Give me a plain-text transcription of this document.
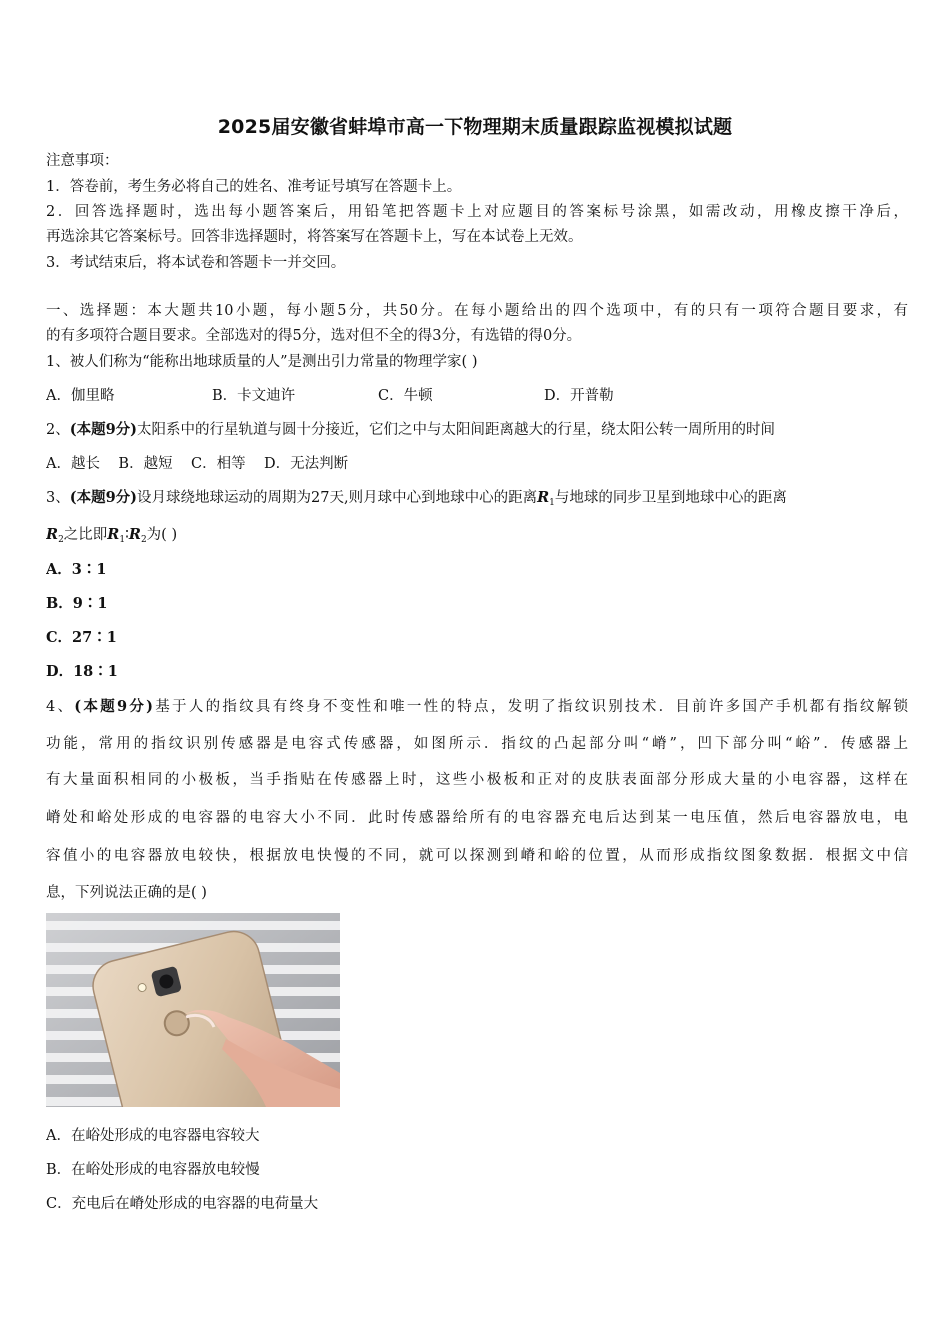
2025届安徽省蚌埠市高一下物理期末质量跟踪监视模拟试题
注意事项：
1．答卷前，考生务必将自己的姓名、准考证号填写在答题卡上。
2．回答选择题时，选出每小题答案后，用铅笔把答题卡上对应题目的答案标号涂黑，如需改动，用橡皮擦干净后，
再选涂其它答案标号。回答非选择题时，将答案写在答题卡上，写在本试卷上无效。
3．考试结束后，将本试卷和答题卡一并交回。
一、选择题：本大题共10小题，每小题5分，共50分。在每小题给出的四个选项中，有的只有一项符合题目要求，有
的有多项符合题目要求。全部选对的得5分，选对但不全的得3分，有选错的得0分。
1、被人们称为“能称出地球质量的人”是测出引力常量的物理学家( )
A．伽里略	B．卡文迪许	C．牛顿	D．开普勒
2、(本题9分)太阳系中的行星轨道与圆十分接近，它们之中与太阳间距离越大的行星，绕太阳公转一周所用的时间
A．越长    B．越短    C．相等    D．无法判断
3、(本题9分)设月球绕地球运动的周期为27天,则月球中心到地球中心的距离$R_1$与地球的同步卫星到地球中心的距离
$R_2$之比即$R_1∶R_2$为( )
A．3∶1
B．9∶1
C．27∶1
D．18∶1
4、(本题9分)基于人的指纹具有终身不变性和唯一性的特点，发明了指纹识别技术．目前许多国产手机都有指纹解锁
功能，常用的指纹识别传感器是电容式传感器，如图所示．指纹的凸起部分叫“嵴”，凹下部分叫“峪”．传感器上
有大量面积相同的小极板，当手指贴在传感器上时，这些小极板和正对的皮肤表面部分形成大量的小电容器，这样在
嵴处和峪处形成的电容器的电容大小不同．此时传感器给所有的电容器充电后达到某一电压值，然后电容器放电，电
容值小的电容器放电较快，根据放电快慢的不同，就可以探测到嵴和峪的位置，从而形成指纹图象数据．根据文中信
息，下列说法正确的是( )
A．在峪处形成的电容器电容较大
B．在峪处形成的电容器放电较慢
C．充电后在嵴处形成的电容器的电荷量大
